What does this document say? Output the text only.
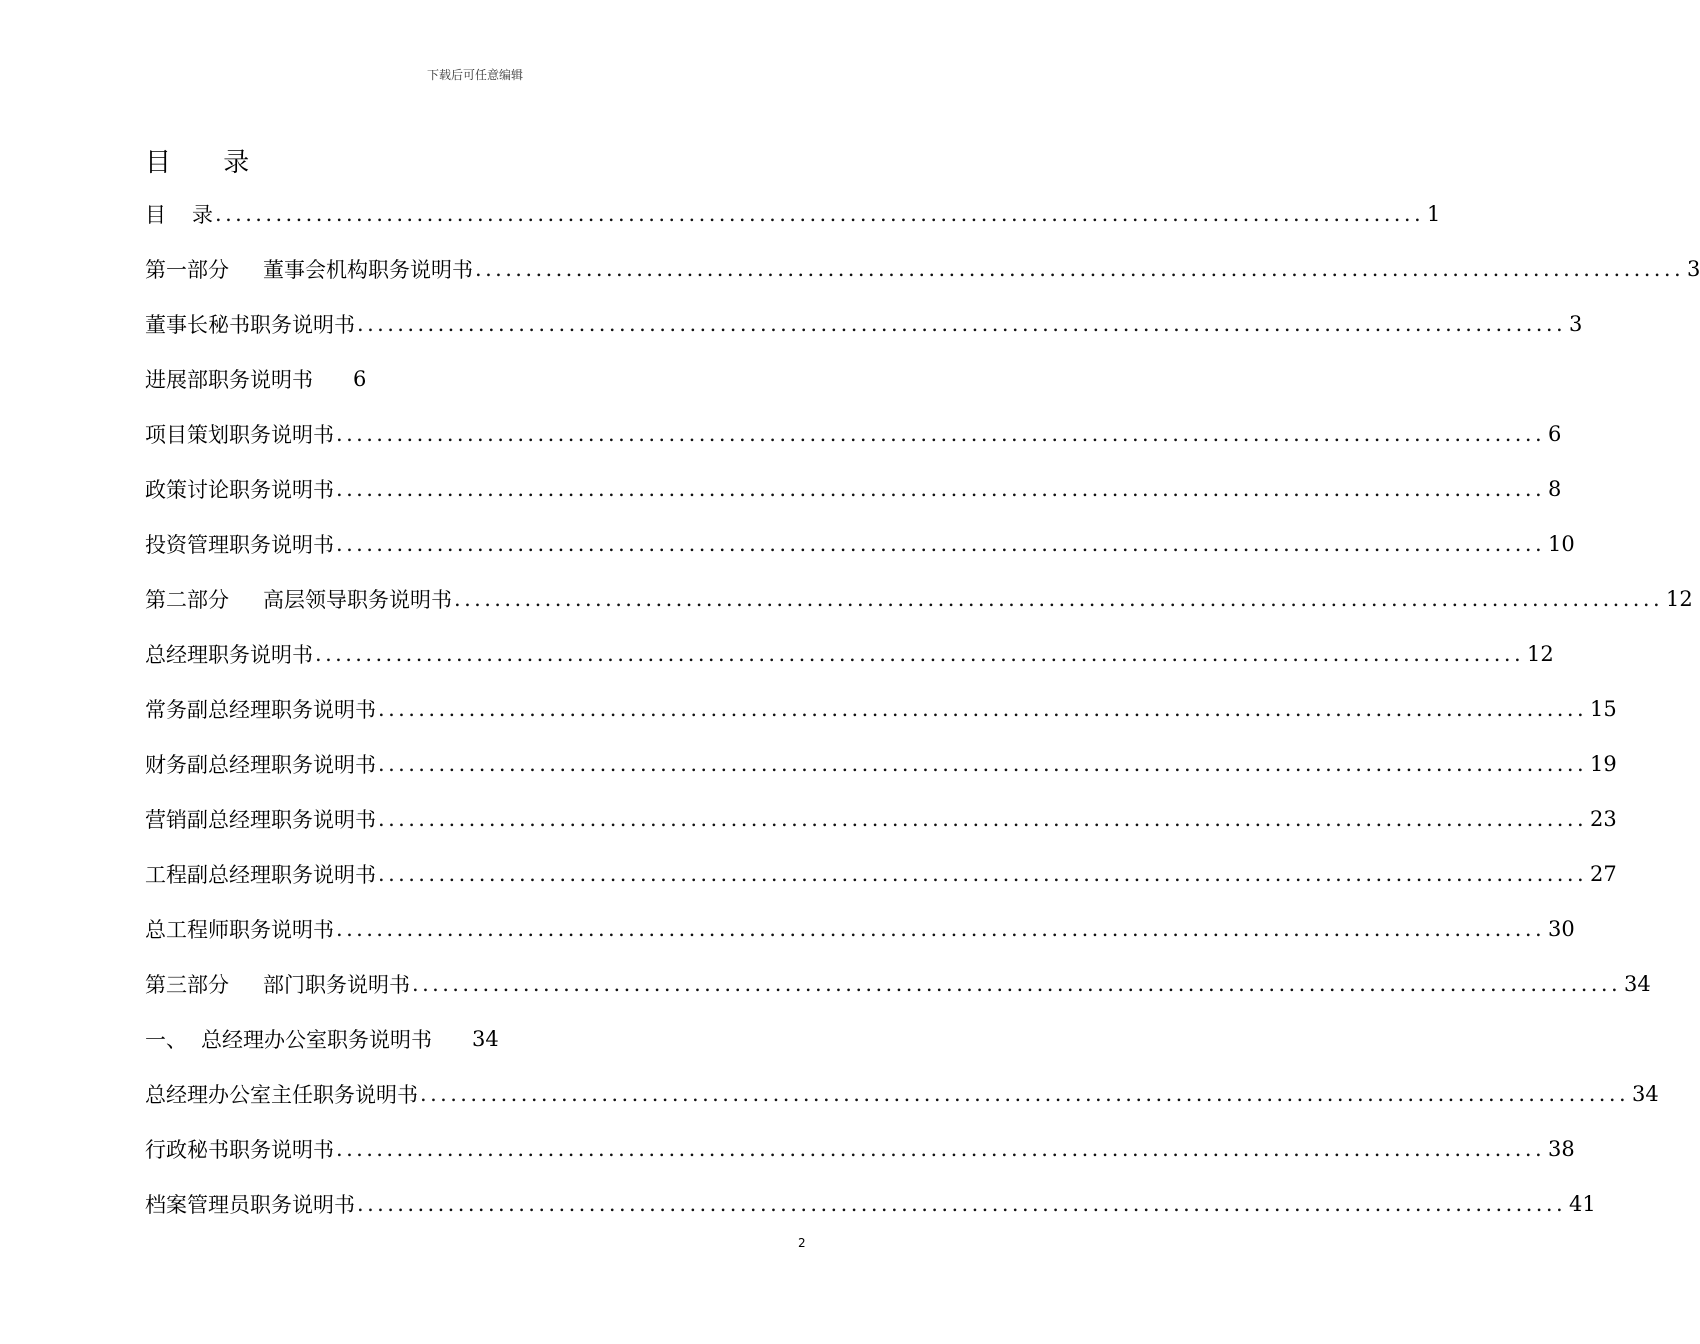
下载后可任意编辑
目 录
目 录 ........................................................................................................................ 1
第一部分 董事会机构职务说明书 ........................................................................................................................ 3
董事长秘书职务说明书 ........................................................................................................................ 3
进展部职务说明书 6
项目策划职务说明书 ........................................................................................................................ 6
政策讨论职务说明书 ........................................................................................................................ 8
投资管理职务说明书 ........................................................................................................................ 10
第二部分 高层领导职务说明书 ........................................................................................................................ 12
总经理职务说明书 ........................................................................................................................ 12
常务副总经理职务说明书 ........................................................................................................................ 15
财务副总经理职务说明书 ........................................................................................................................ 19
营销副总经理职务说明书 ........................................................................................................................ 23
工程副总经理职务说明书 ........................................................................................................................ 27
总工程师职务说明书 ........................................................................................................................ 30
第三部分 部门职务说明书 ........................................................................................................................ 34
一、 总经理办公室职务说明书 34
总经理办公室主任职务说明书 ........................................................................................................................ 34
行政秘书职务说明书 ........................................................................................................................ 38
档案管理员职务说明书 ........................................................................................................................ 41
2
